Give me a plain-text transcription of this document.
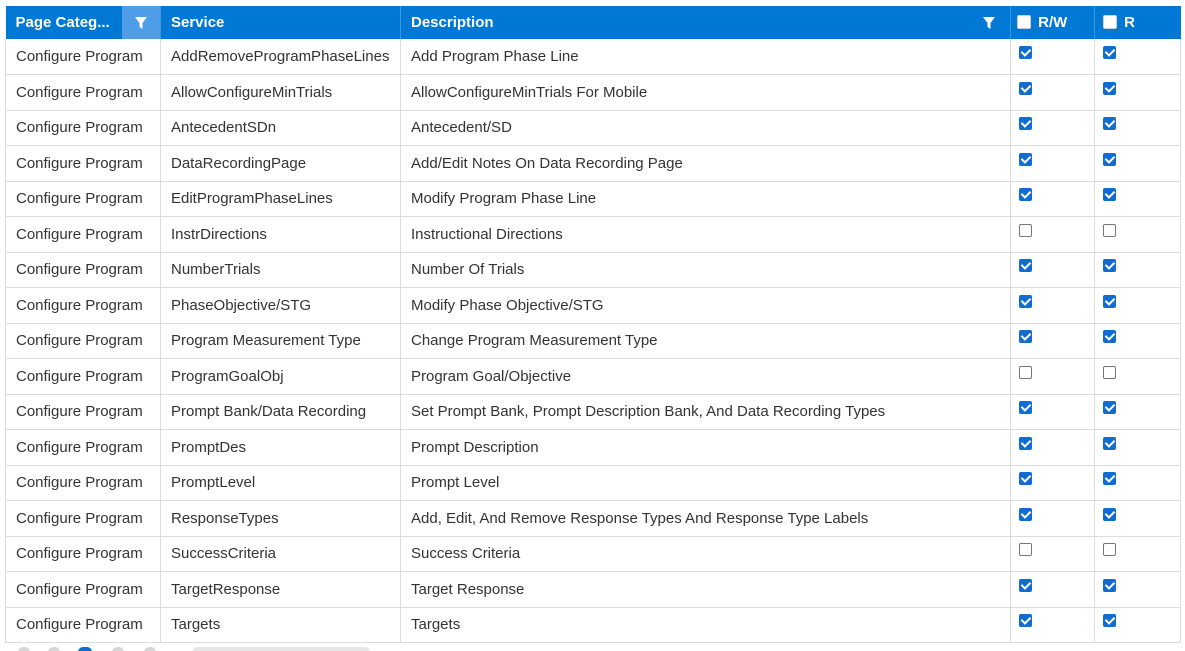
Page Categ...	Service	Description	R/W	R
Configure Program	AddRemoveProgramPhaseLines	Add Program Phase Line	

Configure Program	AllowConfigureMinTrials	AllowConfigureMinTrials For Mobile	

Configure Program	AntecedentSDn	Antecedent/SD	

Configure Program	DataRecordingPage	Add/Edit Notes On Data Recording Page	

Configure Program	EditProgramPhaseLines	Modify Program Phase Line	

Configure Program	InstrDirections	Instructional Directions	

Configure Program	NumberTrials	Number Of Trials	

Configure Program	PhaseObjective/STG	Modify Phase Objective/STG	

Configure Program	Program Measurement Type	Change Program Measurement Type	

Configure Program	ProgramGoalObj	Program Goal/Objective	

Configure Program	Prompt Bank/Data Recording	Set Prompt Bank, Prompt Description Bank, And Data Recording Types	

Configure Program	PromptDes	Prompt Description	

Configure Program	PromptLevel	Prompt Level	

Configure Program	ResponseTypes	Add, Edit, And Remove Response Types And Response Type Labels	

Configure Program	SuccessCriteria	Success Criteria	

Configure Program	TargetResponse	Target Response	

Configure Program	Targets	Targets	
